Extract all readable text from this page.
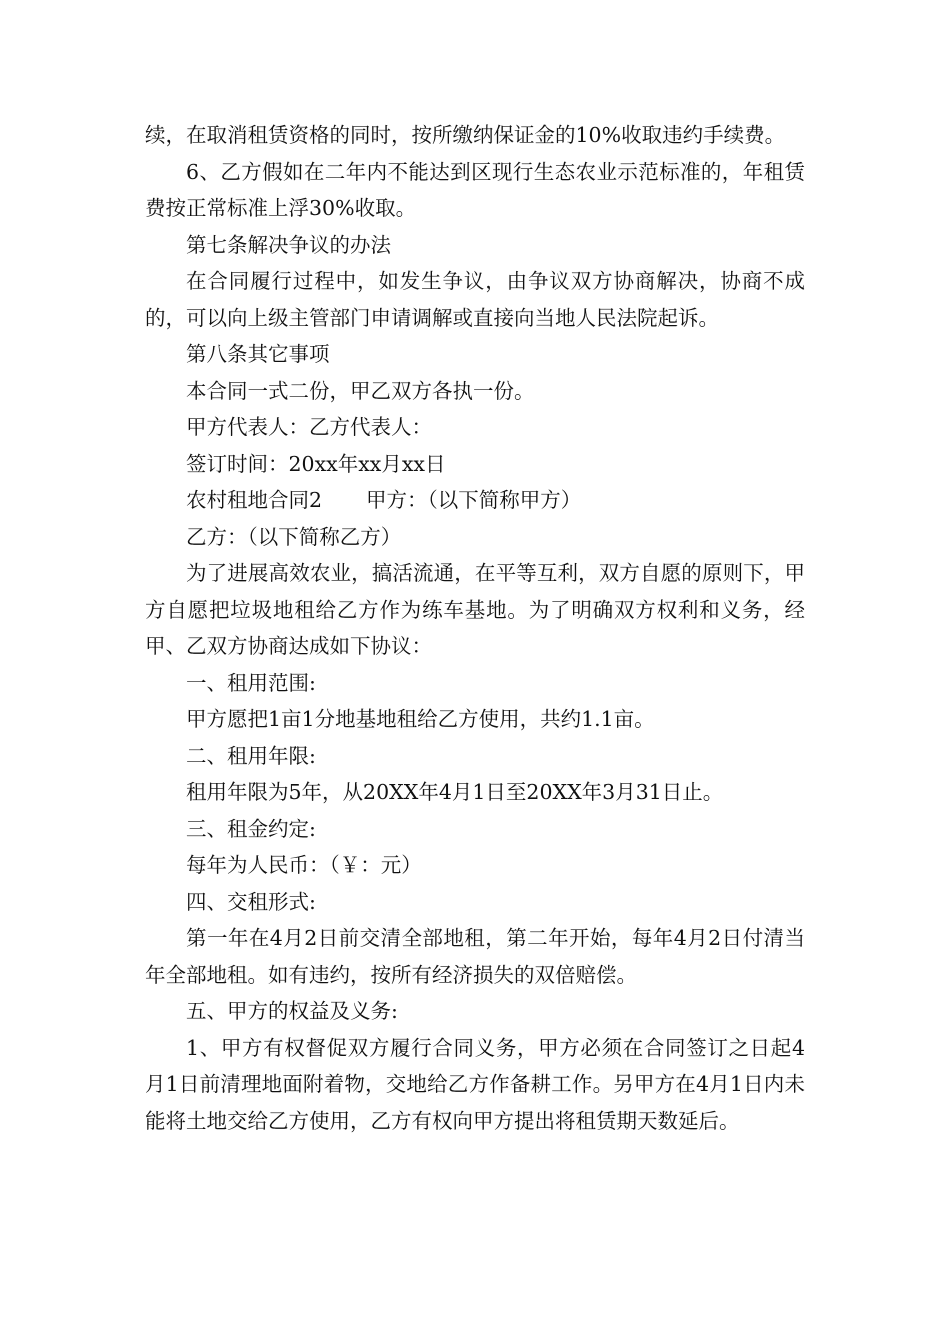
续，在取消租赁资格的同时，按所缴纳保证金的10%收取违约手续费。

6、乙方假如在二年内不能达到区现行生态农业示范标准的，年租赁费按正常标准上浮30%收取。

第七条解决争议的办法

在合同履行过程中，如发生争议，由争议双方协商解决，协商不成的，可以向上级主管部门申请调解或直接向当地人民法院起诉。

第八条其它事项

本合同一式二份，甲乙双方各执一份。

甲方代表人：乙方代表人：

签订时间：20xx年xx月xx日

农村租地合同2 甲方：（以下简称甲方）

乙方：（以下简称乙方）

为了进展高效农业，搞活流通，在平等互利，双方自愿的原则下，甲方自愿把垃圾地租给乙方作为练车基地。为了明确双方权利和义务，经甲、乙双方协商达成如下协议：

一、租用范围:

甲方愿把1亩1分地基地租给乙方使用，共约1.1亩。

二、租用年限:

租用年限为5年，从20XX年4月1日至20XX年3月31日止。

三、租金约定:

每年为人民币：（￥：元）

四、交租形式:

第一年在4月2日前交清全部地租，第二年开始，每年4月2日付清当年全部地租。如有违约，按所有经济损失的双倍赔偿。

五、甲方的权益及义务:

1、甲方有权督促双方履行合同义务，甲方必须在合同签订之日起4月1日前清理地面附着物，交地给乙方作备耕工作。另甲方在4月1日内未能将土地交给乙方使用，乙方有权向甲方提出将租赁期天数延后。
